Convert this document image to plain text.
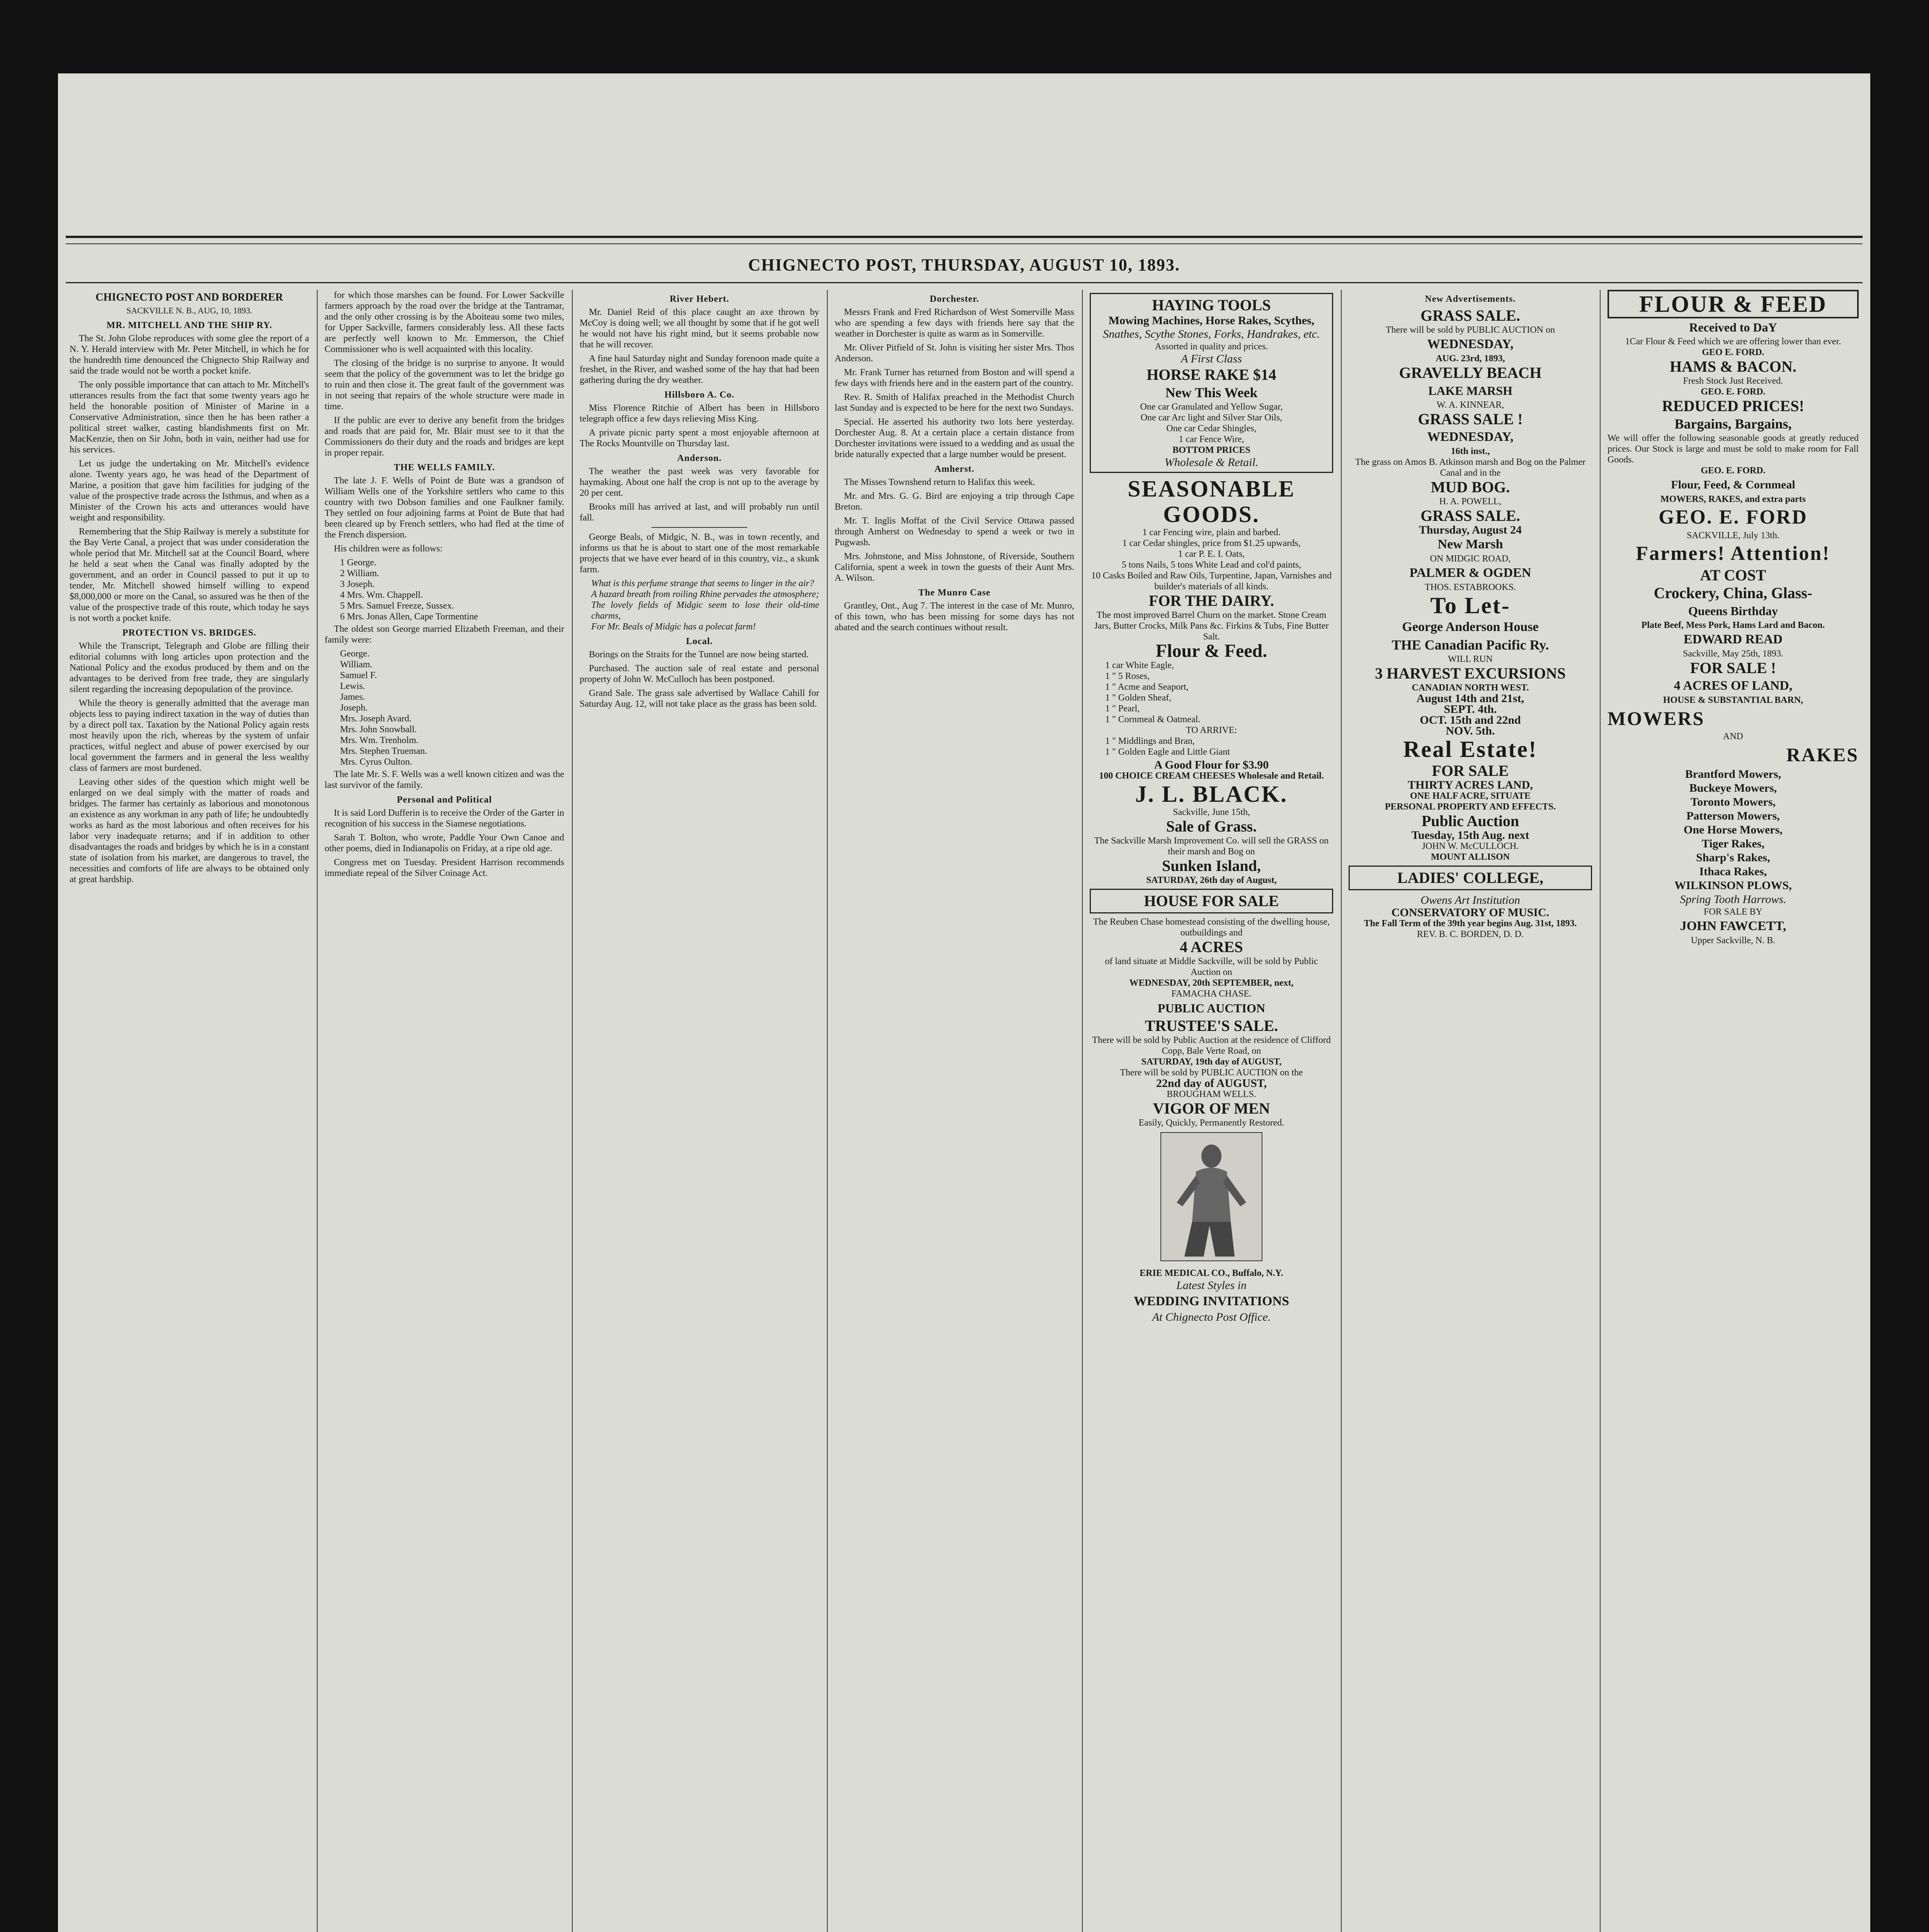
CHIGNECTO POST, THURSDAY, AUGUST 10, 1893.
CHIGNECTO POST AND BORDERER
SACKVILLE N. B., AUG, 10, 1893.
MR. MITCHELL AND THE SHIP RY.

The St. John Globe reproduces with some glee the report of a N. Y. Herald interview with Mr. Peter Mitchell, in which he for the hundredth time denounced the Chignecto Ship Railway and said the trade would not be worth a pocket knife.

The only possible importance that can attach to Mr. Mitchell's utterances results from the fact that some twenty years ago he held the honorable position of Minister of Marine in a Conservative Administration, since then he has been rather a political street walker, casting blandishments first on Mr. MacKenzie, then on Sir John, both in vain, neither had use for his services.

Let us judge the undertaking on Mr. Mitchell's evidence alone. Twenty years ago, he was head of the Department of Marine, a position that gave him facilities for judging of the value of the prospective trade across the Isthmus, and when as a Minister of the Crown his acts and utterances would have weight and responsibility.

Remembering that the Ship Railway is merely a substitute for the Bay Verte Canal, a project that was under consideration the whole period that Mr. Mitchell sat at the Council Board, where he held a seat when the Canal was finally adopted by the government, and an order in Council passed to put it up to tender, Mr. Mitchell showed himself willing to expend $8,000,000 or more on the Canal, so assured was he then of the value of the prospective trade of this route, which today he says is not worth a pocket knife.

PROTECTION VS. BRIDGES.

While the Transcript, Telegraph and Globe are filling their editorial columns with long articles upon protection and the National Policy and the exodus produced by them and on the advantages to be derived from free trade, they are singularly silent regarding the increasing depopulation of the province.

While the theory is generally admitted that the average man objects less to paying indirect taxation in the way of duties than by a direct poll tax. Taxation by the National Policy again rests most heavily upon the rich, whereas by the system of unfair practices, witful neglect and abuse of power exercised by our local government the farmers and in general the less wealthy class of farmers are most burdened.

Leaving other sides of the question which might well be enlarged on we deal simply with the matter of roads and bridges. The farmer has certainly as laborious and monotonous an existence as any workman in any path of life; he undoubtedly works as hard as the most laborious and often receives for his labor very inadequate returns; and if in addition to other disadvantages the roads and bridges by which he is in a constant state of isolation from his market, are dangerous to travel, the necessities and comforts of life are always to be obtained only at great hardship.

for which those marshes can be found. For Lower Sackville farmers approach by the road over the bridge at the Tantramar, and the only other crossing is by the Aboiteau some two miles, for Upper Sackville, farmers considerably less. All these facts are perfectly well known to Mr. Emmerson, the Chief Commissioner who is well acquainted with this locality.

The closing of the bridge is no surprise to anyone. It would seem that the policy of the government was to let the bridge go to ruin and then close it. The great fault of the government was in not seeing that repairs of the whole structure were made in time.

If the public are ever to derive any benefit from the bridges and roads that are paid for, Mr. Blair must see to it that the Commissioners do their duty and the roads and bridges are kept in proper repair.

THE WELLS FAMILY.

The late J. F. Wells of Point de Bute was a grandson of William Wells one of the Yorkshire settlers who came to this country with two Dobson families and one Faulkner family. They settled on four adjoining farms at Point de Bute that had been cleared up by French settlers, who had fled at the time of the French dispersion.

His children were as follows:

1 George.
2 William.
3 Joseph.
4 Mrs. Wm. Chappell.
5 Mrs. Samuel Freeze, Sussex.
6 Mrs. Jonas Allen, Cape Tormentine

The oldest son George married Elizabeth Freeman, and their family were:

George.
William.
Samuel F.
Lewis.
James.
Joseph.
Mrs. Joseph Avard.
Mrs. John Snowball.
Mrs. Wm. Trenholm.
Mrs. Stephen Trueman.
Mrs. Cyrus Oulton.

The late Mr. S. F. Wells was a well known citizen and was the last survivor of the family.

Personal and Political

It is said Lord Dufferin is to receive the Order of the Garter in recognition of his success in the Siamese negotiations.

Sarah T. Bolton, who wrote, Paddle Your Own Canoe and other poems, died in Indianapolis on Friday, at a ripe old age.

Congress met on Tuesday. President Harrison recommends immediate repeal of the Silver Coinage Act.

River Hebert.

Mr. Daniel Reid of this place caught an axe thrown by McCoy is doing well; we all thought by some that if he got well he would not have his right mind, but it seems probable now that he will recover.

A fine haul Saturday night and Sunday forenoon made quite a freshet, in the River, and washed some of the hay that had been gathering during the dry weather.

Hillsboro A. Co.

Miss Florence Ritchie of Albert has been in Hillsboro telegraph office a few days relieving Miss King.

A private picnic party spent a most enjoyable afternoon at The Rocks Mountville on Thursday last.

Anderson.

The weather the past week was very favorable for haymaking. About one half the crop is not up to the average by 20 per cent.

Brooks mill has arrived at last, and will probably run until fall.

George Beals, of Midgic, N. B., was in town recently, and informs us that he is about to start one of the most remarkable projects that we have ever heard of in this country, viz., a skunk farm.

What is this perfume strange that seems to linger in the air?
A hazard breath from roiling Rhine pervades the atmosphere;
The lovely fields of Midgic seem to lose their old-time charms,
For Mr. Beals of Midgic has a polecat farm!
Local.

Borings on the Straits for the Tunnel are now being started.

Purchased. The auction sale of real estate and personal property of John W. McCulloch has been postponed.

Grand Sale. The grass sale advertised by Wallace Cahill for Saturday Aug. 12, will not take place as the grass has been sold.

Dorchester.

Messrs Frank and Fred Richardson of West Somerville Mass who are spending a few days with friends here say that the weather in Dorchester is quite as warm as in Somerville.

Mr. Oliver Pitfield of St. John is visiting her sister Mrs. Thos Anderson.

Mr. Frank Turner has returned from Boston and will spend a few days with friends here and in the eastern part of the country.

Rev. R. Smith of Halifax preached in the Methodist Church last Sunday and is expected to be here for the next two Sundays.

Special. He asserted his authority two lots here yesterday. Dorchester Aug. 8. At a certain place a certain distance from Dorchester invitations were issued to a wedding and as usual the bride naturally expected that a large number would be present.

Amherst.

The Misses Townshend return to Halifax this week.

Mr. and Mrs. G. G. Bird are enjoying a trip through Cape Breton.

Mr. T. Inglis Moffat of the Civil Service Ottawa passed through Amherst on Wednesday to spend a week or two in Pugwash.

Mrs. Johnstone, and Miss Johnstone, of Riverside, Southern California, spent a week in town the guests of their Aunt Mrs. A. Wilson.

The Munro Case

Grantley, Ont., Aug 7. The interest in the case of Mr. Munro, of this town, who has been missing for some days has not abated and the search continues without result.

HAYING TOOLS
Mowing Machines, Horse Rakes, Scythes,
Snathes, Scythe Stones, Forks, Handrakes, etc.
Assorted in quality and prices.
A First Class
HORSE RAKE $14
New This Week
One car Granulated and Yellow Sugar,
One car Arc light and Silver Star Oils,
One car Cedar Shingles,
1 car Fence Wire,
BOTTOM PRICES
Wholesale & Retail.
SEASONABLE GOODS.
1 car Fencing wire, plain and barbed.
1 car Cedar shingles, price from $1.25 upwards,
1 car P. E. I. Oats,
5 tons Nails, 5 tons White Lead and col'd paints,
10 Casks Boiled and Raw Oils, Turpentine, Japan, Varnishes and builder's materials of all kinds.
FOR THE DAIRY.
The most improved Barrel Churn on the market. Stone Cream Jars, Butter Crocks, Milk Pans &c. Firkins & Tubs, Fine Butter Salt.
Flour & Feed.
1 car White Eagle,
1 " 5 Roses,
1 " Acme and Seaport,
1 " Golden Sheaf,
1 " Pearl,
1 " Cornmeal & Oatmeal.
TO ARRIVE:
1 " Middlings and Bran,
1 " Golden Eagle and Little Giant
A Good Flour for $3.90
100 CHOICE CREAM CHEESES Wholesale and Retail.
J. L. BLACK.
Sackville, June 15th,
Sale of Grass.
The Sackville Marsh Improvement Co. will sell the GRASS on their marsh and Bog on
Sunken Island,
SATURDAY, 26th day of August,
HOUSE FOR SALE
The Reuben Chase homestead consisting of the dwelling house, outbuildings and
4 ACRES
of land situate at Middle Sackville, will be sold by Public Auction on
WEDNESDAY, 20th SEPTEMBER, next,
FAMACHA CHASE.
PUBLIC AUCTION
TRUSTEE'S SALE.
There will be sold by Public Auction at the residence of Clifford Copp, Bale Verte Road, on
SATURDAY, 19th day of AUGUST,
There will be sold by PUBLIC AUCTION on the
22nd day of AUGUST,
BROUGHAM WELLS.
VIGOR OF MEN
Easily, Quickly, Permanently Restored.
ERIE MEDICAL CO., Buffalo, N.Y.
Latest Styles in
WEDDING INVITATIONS
At Chignecto Post Office.
New Advertisements.
GRASS SALE.
There will be sold by PUBLIC AUCTION on
WEDNESDAY,
AUG. 23rd, 1893,
GRAVELLY BEACH
LAKE MARSH
W. A. KINNEAR,
GRASS SALE !
WEDNESDAY,
16th inst.,
The grass on Amos B. Atkinson marsh and Bog on the Palmer Canal and in the
MUD BOG.
H. A. POWELL,
GRASS SALE.
Thursday, August 24
New Marsh
ON MIDGIC ROAD,
PALMER & OGDEN
THOS. ESTABROOKS.
To Let-
George Anderson House
THE Canadian Pacific Ry.
WILL RUN
3 HARVEST EXCURSIONS
CANADIAN NORTH WEST.
August 14th and 21st,
SEPT. 4th.
OCT. 15th and 22nd
NOV. 5th.
Real Estate!
FOR SALE
THIRTY ACRES LAND,
ONE HALF ACRE, SITUATE
PERSONAL PROPERTY AND EFFECTS.
Public Auction
Tuesday, 15th Aug. next
JOHN W. McCULLOCH.
MOUNT ALLISON
LADIES' COLLEGE,
Owens Art Institution
CONSERVATORY OF MUSIC.
The Fall Term of the 39th year begins Aug. 31st, 1893.
REV. B. C. BORDEN, D. D.
FLOUR & FEED
Received to DaY
1Car Flour & Feed which we are offering lower than ever.
GEO E. FORD.
HAMS & BACON.
Fresh Stock Just Received.
GEO. E. FORD.
REDUCED PRICES!
Bargains, Bargains,
We will offer the following seasonable goods at greatly reduced prices. Our Stock is large and must be sold to make room for Fall Goods.
GEO. E. FORD.
Flour, Feed, & Cornmeal
MOWERS, RAKES, and extra parts
GEO. E. FORD
SACKVILLE, July 13th.
Farmers! Attention!
AT COST
Crockery, China, Glass-
Queens Birthday
Plate Beef, Mess Pork, Hams Lard and Bacon.
EDWARD READ
Sackville, May 25th, 1893.
FOR SALE !
4 ACRES OF LAND,
HOUSE & SUBSTANTIAL BARN,
MOWERS
AND
RAKES
Brantford Mowers,
Buckeye Mowers,
Toronto Mowers,
Patterson Mowers,
One Horse Mowers,
Tiger Rakes,
Sharp's Rakes,
Ithaca Rakes,
WILKINSON PLOWS,
Spring Tooth Harrows.
FOR SALE BY
JOHN FAWCETT,
Upper Sackville, N. B.
